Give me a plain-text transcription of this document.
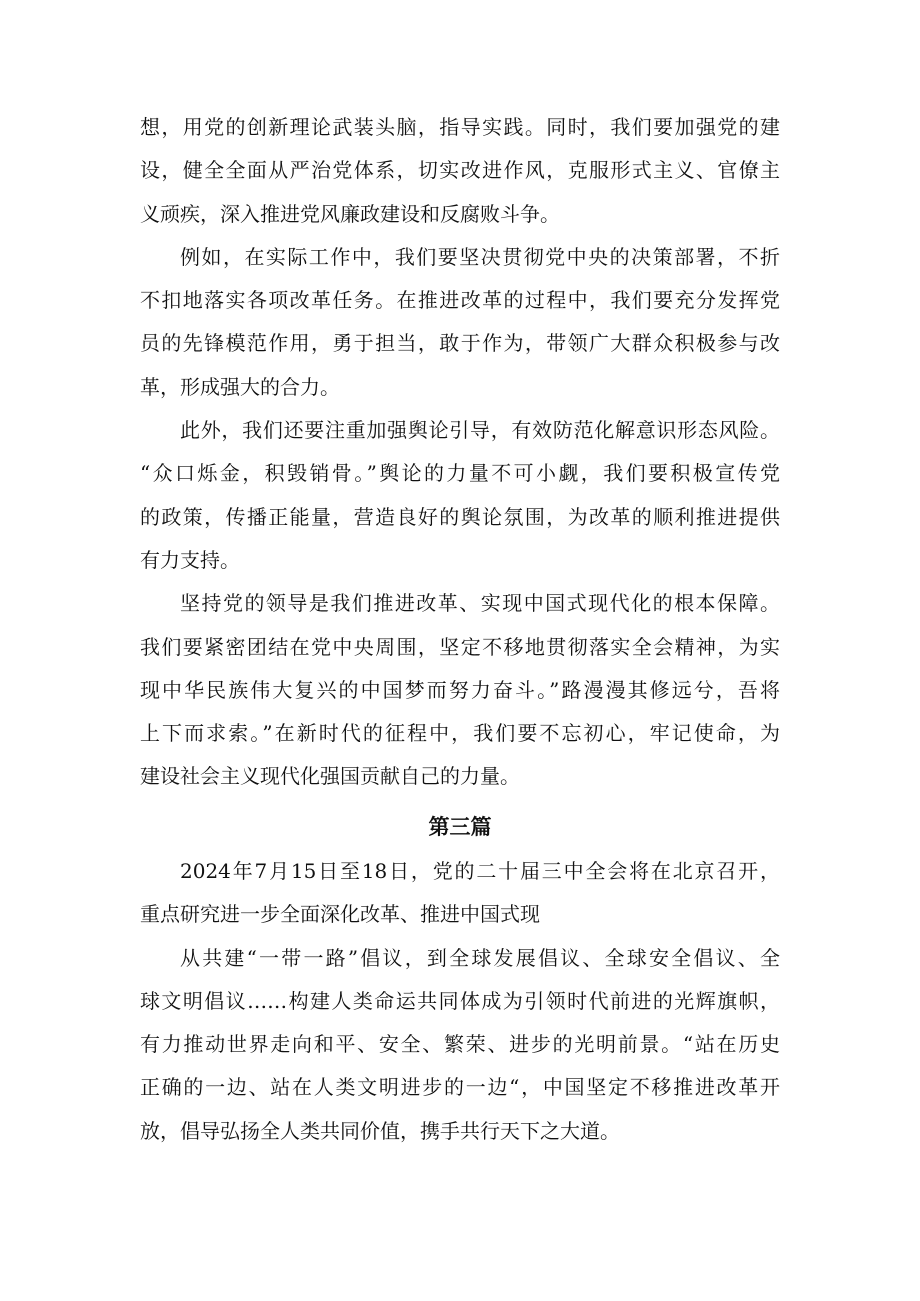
想，用党的创新理论武装头脑，指导实践。同时，我们要加强党的建
设，健全全面从严治党体系，切实改进作风，克服形式主义、官僚主
义顽疾，深入推进党风廉政建设和反腐败斗争。

例如，在实际工作中，我们要坚决贯彻党中央的决策部署，不折
不扣地落实各项改革任务。在推进改革的过程中，我们要充分发挥党
员的先锋模范作用，勇于担当，敢于作为，带领广大群众积极参与改
革，形成强大的合力。

此外，我们还要注重加强舆论引导，有效防范化解意识形态风险。
“众口烁金，积毁销骨。”舆论的力量不可小觑，我们要积极宣传党
的政策，传播正能量，营造良好的舆论氛围，为改革的顺利推进提供
有力支持。

坚持党的领导是我们推进改革、实现中国式现代化的根本保障。
我们要紧密团结在党中央周围，坚定不移地贯彻落实全会精神，为实
现中华民族伟大复兴的中国梦而努力奋斗。”路漫漫其修远兮，吾将
上下而求索。”在新时代的征程中，我们要不忘初心，牢记使命，为
建设社会主义现代化强国贡献自己的力量。

第三篇

2024年7月15日至18日，党的二十届三中全会将在北京召开，
重点研究进一步全面深化改革、推进中国式现

从共建“一带一路”倡议，到全球发展倡议、全球安全倡议、全
球文明倡议……构建人类命运共同体成为引领时代前进的光辉旗帜，
有力推动世界走向和平、安全、繁荣、进步的光明前景。“站在历史
正确的一边、站在人类文明进步的一边“，中国坚定不移推进改革开
放，倡导弘扬全人类共同价值，携手共行天下之大道。
